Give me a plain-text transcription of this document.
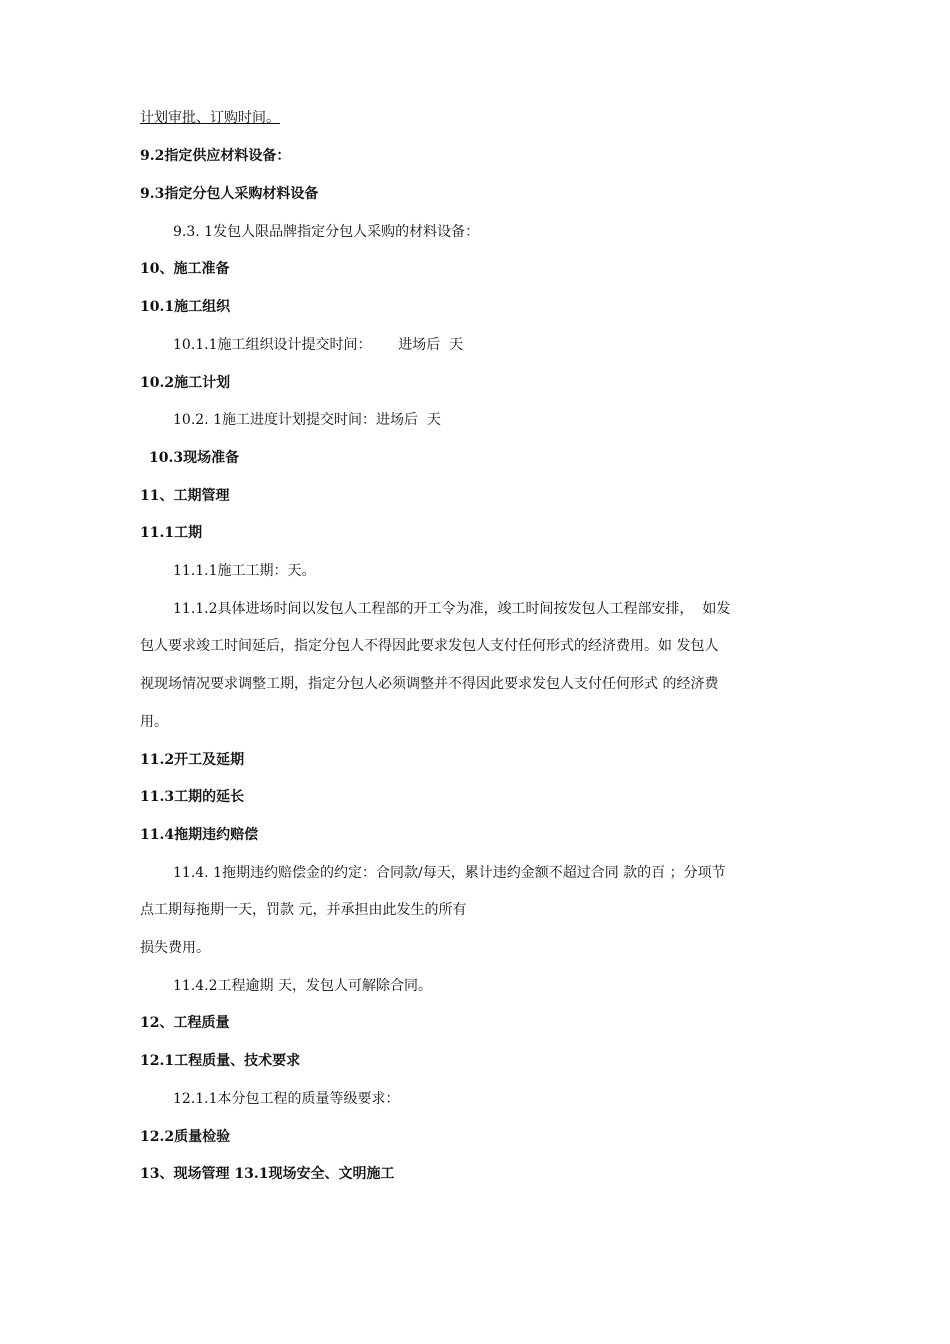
计划审批、订购时间。
9.2指定供应材料设备：
9.3指定分包人采购材料设备
9.3. 1发包人限品牌指定分包人采购的材料设备：
10、施工准备
10.1施工组织
10.1.1施工组织设计提交时间：      进场后  天
10.2施工计划
10.2. 1施工进度计划提交时间：进场后  天
10.3现场准备
11、工期管理
11.1工期
11.1.1施工工期：天。
11.1.2具体进场时间以发包人工程部的开工令为准，竣工时间按发包人工程部安排，  如发
包人要求竣工时间延后，指定分包人不得因此要求发包人支付任何形式的经济费用。如 发包人
视现场情况要求调整工期，指定分包人必须调整并不得因此要求发包人支付任何形式 的经济费
用。
11.2开工及延期
11.3工期的延长
11.4拖期违约赔偿
11.4. 1拖期违约赔偿金的约定：合同款/每天，累计违约金额不超过合同 款的百 ；分项节
点工期每拖期一天，罚款 元，并承担由此发生的所有
损失费用。
11.4.2工程逾期 天，发包人可解除合同。
12、工程质量
12.1工程质量、技术要求
12.1.1本分包工程的质量等级要求：
12.2质量检验
13、现场管理 13.1现场安全、文明施工
